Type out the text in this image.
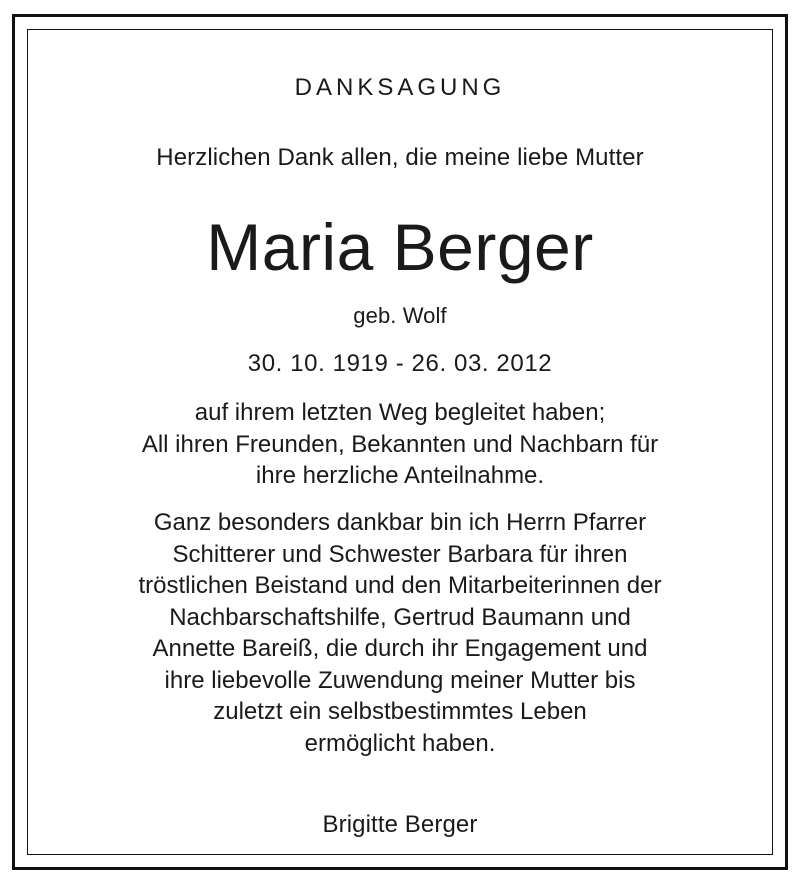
DANKSAGUNG
Herzlichen Dank allen, die meine liebe Mutter
Maria Berger
geb. Wolf
30. 10. 1919 - 26. 03. 2012
auf ihrem letzten Weg begleitet haben;
All ihren Freunden, Bekannten und Nachbarn für
ihre herzliche Anteilnahme.
Ganz besonders dankbar bin ich Herrn Pfarrer
Schitterer und Schwester Barbara für ihren
tröstlichen Beistand und den Mitarbeiterinnen der
Nachbarschaftshilfe, Gertrud Baumann und
Annette Bareiß, die durch ihr Engagement und
ihre liebevolle Zuwendung meiner Mutter bis
zuletzt ein selbstbestimmtes Leben
ermöglicht haben.
Brigitte Berger
